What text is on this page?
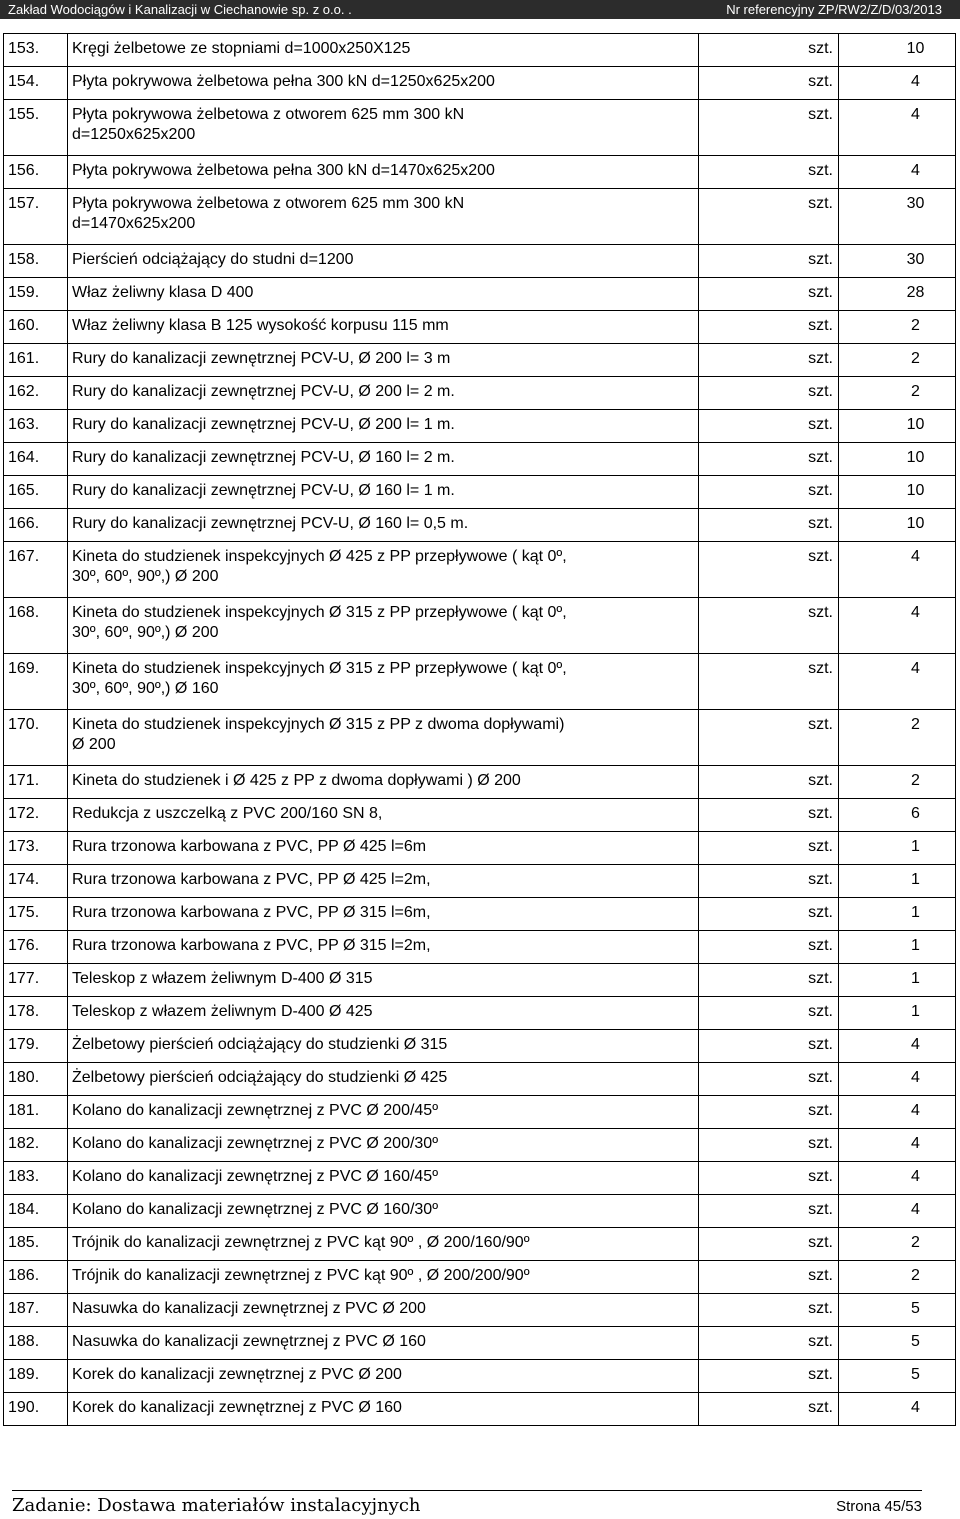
Zakład Wodociągów i Kanalizacji w Ciechanowie sp. z o.o. .	Nr referencyjny ZP/RW2/Z/D/03/2013
153.	Kręgi żelbetowe ze stopniami d=1000x250X125	szt.	10
154.	Płyta pokrywowa żelbetowa pełna 300 kN d=1250x625x200	szt.	4
155.	Płyta pokrywowa żelbetowa z otworem 625 mm 300 kN
d=1250x625x200	szt.	4
156.	Płyta pokrywowa żelbetowa pełna 300 kN d=1470x625x200	szt.	4
157.	Płyta pokrywowa żelbetowa z otworem 625 mm 300 kN
d=1470x625x200	szt.	30
158.	Pierścień odciążający do studni d=1200	szt.	30
159.	Właz żeliwny klasa D 400	szt.	28
160.	Właz żeliwny klasa B 125 wysokość korpusu 115 mm	szt.	2
161.	Rury do kanalizacji zewnętrznej PCV-U, Ø 200 l= 3 m	szt.	2
162.	Rury do kanalizacji zewnętrznej PCV-U, Ø 200 l= 2 m.	szt.	2
163.	Rury do kanalizacji zewnętrznej PCV-U, Ø 200 l= 1 m.	szt.	10
164.	Rury do kanalizacji zewnętrznej PCV-U, Ø 160 l= 2 m.	szt.	10
165.	Rury do kanalizacji zewnętrznej PCV-U, Ø 160 l= 1 m.	szt.	10
166.	Rury do kanalizacji zewnętrznej PCV-U, Ø 160 l= 0,5 m.	szt.	10
167.	Kineta do studzienek inspekcyjnych Ø 425 z PP przepływowe ( kąt 0º,
30º, 60º, 90º,) Ø 200	szt.	4
168.	Kineta do studzienek inspekcyjnych Ø 315 z PP przepływowe ( kąt 0º,
30º, 60º, 90º,) Ø 200	szt.	4
169.	Kineta do studzienek inspekcyjnych Ø 315 z PP przepływowe ( kąt 0º,
30º, 60º, 90º,) Ø 160	szt.	4
170.	Kineta do studzienek inspekcyjnych Ø 315 z PP z dwoma dopływami)
Ø 200	szt.	2
171.	Kineta do studzienek i Ø 425 z PP z dwoma dopływami ) Ø 200	szt.	2
172.	Redukcja z uszczelką z PVC 200/160 SN 8,	szt.	6
173.	Rura trzonowa karbowana z PVC, PP Ø 425 l=6m	szt.	1
174.	Rura trzonowa karbowana z PVC, PP Ø 425 l=2m,	szt.	1
175.	Rura trzonowa karbowana z PVC, PP Ø 315 l=6m,	szt.	1
176.	Rura trzonowa karbowana z PVC, PP Ø 315 l=2m,	szt.	1
177.	Teleskop z włazem żeliwnym D-400 Ø 315	szt.	1
178.	Teleskop z włazem żeliwnym D-400 Ø 425	szt.	1
179.	Żelbetowy pierścień odciążający do studzienki Ø 315	szt.	4
180.	Żelbetowy pierścień odciążający do studzienki Ø 425	szt.	4
181.	Kolano do kanalizacji zewnętrznej z PVC Ø 200/45º	szt.	4
182.	Kolano do kanalizacji zewnętrznej z PVC Ø 200/30º	szt.	4
183.	Kolano do kanalizacji zewnętrznej z PVC Ø 160/45º	szt.	4
184.	Kolano do kanalizacji zewnętrznej z PVC Ø 160/30º	szt.	4
185.	Trójnik do kanalizacji zewnętrznej z PVC kąt 90º , Ø 200/160/90º	szt.	2
186.	Trójnik do kanalizacji zewnętrznej z PVC kąt 90º , Ø 200/200/90º	szt.	2
187.	Nasuwka do kanalizacji zewnętrznej z PVC Ø 200	szt.	5
188.	Nasuwka do kanalizacji zewnętrznej z PVC Ø 160	szt.	5
189.	Korek do kanalizacji zewnętrznej z PVC Ø 200	szt.	5
190.	Korek do kanalizacji zewnętrznej z PVC Ø 160	szt.	4
Zadanie: Dostawa materiałów instalacyjnych	Strona 45/53
